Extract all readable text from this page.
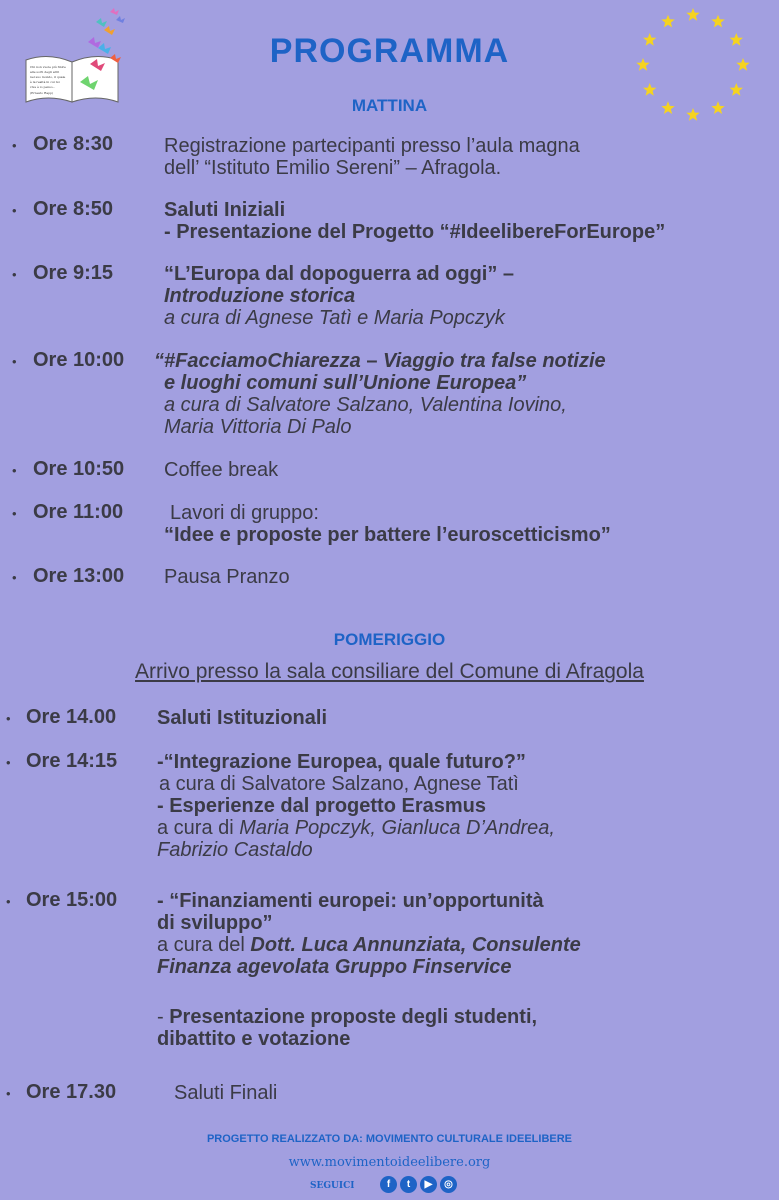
Chi non vuole più finire
alle sorti degli altri
nel suo mondo, il quale
è la realtà in cui lui
vive è io penso...
(Ernesto Rapp)
PROGRAMMA
MATTINA
• Ore 8:30	Registrazione partecipanti presso l’aula magna
dell’ “Istituto Emilio Sereni” – Afragola.
• Ore 8:50	Saluti Iniziali
- Presentazione del Progetto “#IdeelibereForEurope”
• Ore 9:15	“L’Europa dal dopoguerra ad oggi” –
Introduzione storica
a cura di Agnese Tatì e Maria Popczyk
• Ore 10:00 “#FacciamoChiarezza – Viaggio tra false notizie
e luoghi comuni sull’Unione Europea”
a cura di Salvatore Salzano, Valentina Iovino,
Maria Vittoria Di Palo
• Ore 10:50 Coffee break
• Ore 11:00	Lavori di gruppo:
“Idee e proposte per battere l’euroscetticismo”
• Ore 13:00 Pausa Pranzo
POMERIGGIO
Arrivo presso la sala consiliare del Comune di Afragola
• Ore 14.00 Saluti Istituzionali
• Ore 14:15 -“Integrazione Europea, quale futuro?”
a cura di Salvatore Salzano, Agnese Tatì
- Esperienze dal progetto Erasmus
a cura di Maria Popczyk, Gianluca D’Andrea,
Fabrizio Castaldo
• Ore 15:00 - “Finanziamenti europei: un’opportunità
di sviluppo”
a cura del Dott. Luca Annunziata, Consulente
Finanza agevolata Gruppo Finservice
- Presentazione proposte degli studenti,
dibattito e votazione
• Ore 17.30	Saluti Finali
PROGETTO REALIZZATO DA: MOVIMENTO CULTURALE IDEELIBERE
www.movimentoideelibere.org
SEGUICI	f	t	▶	◎
